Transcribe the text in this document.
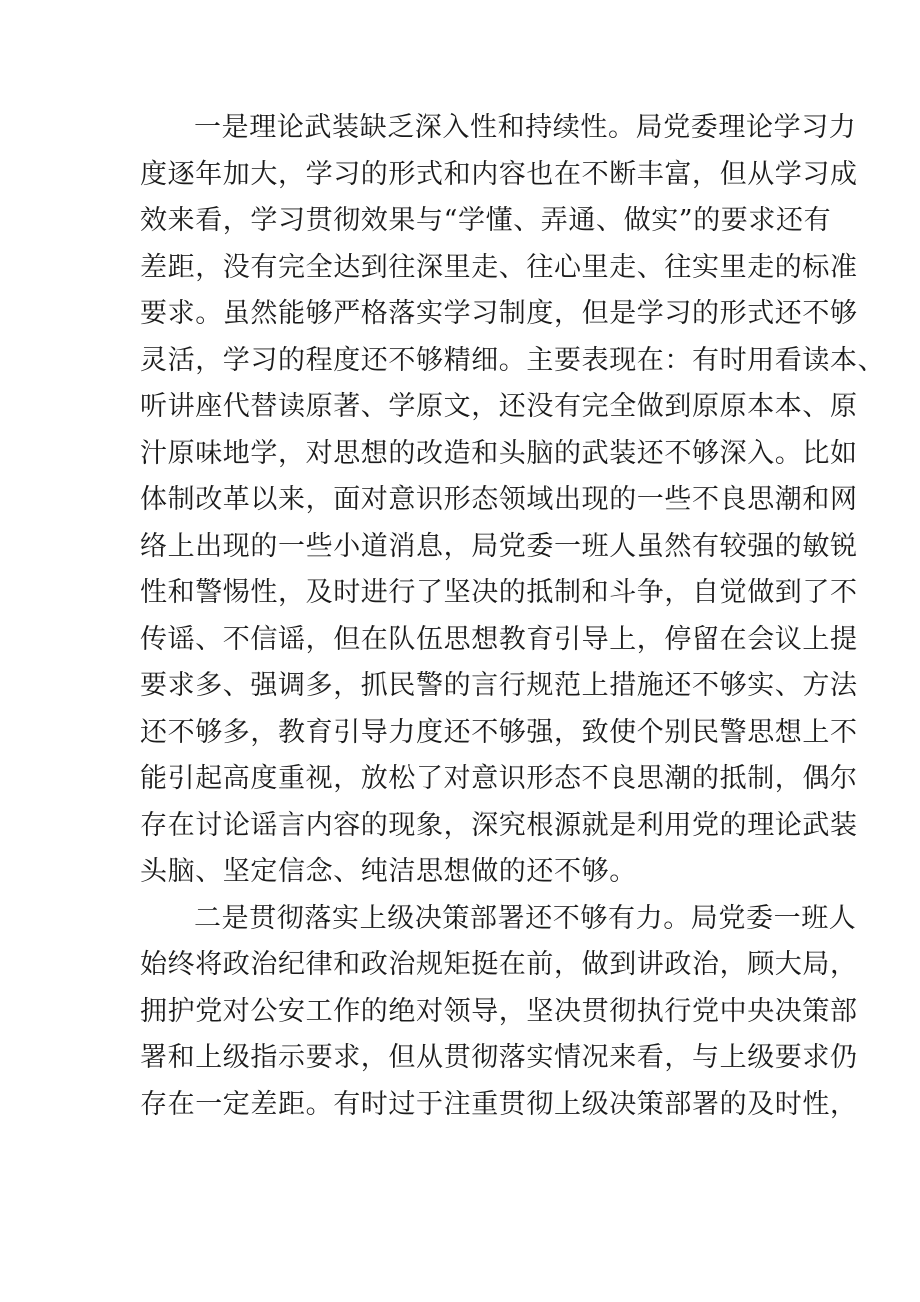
一是理论武装缺乏深入性和持续性。局党委理论学习力
度逐年加大，学习的形式和内容也在不断丰富，但从学习成
效来看，学习贯彻效果与“学懂、弄通、做实”的要求还有
差距，没有完全达到往深里走、往心里走、往实里走的标准
要求。虽然能够严格落实学习制度，但是学习的形式还不够
灵活，学习的程度还不够精细。主要表现在：有时用看读本、
听讲座代替读原著、学原文，还没有完全做到原原本本、原
汁原味地学，对思想的改造和头脑的武装还不够深入。比如
体制改革以来，面对意识形态领域出现的一些不良思潮和网
络上出现的一些小道消息，局党委一班人虽然有较强的敏锐
性和警惕性，及时进行了坚决的抵制和斗争，自觉做到了不
传谣、不信谣，但在队伍思想教育引导上，停留在会议上提
要求多、强调多，抓民警的言行规范上措施还不够实、方法
还不够多，教育引导力度还不够强，致使个别民警思想上不
能引起高度重视，放松了对意识形态不良思潮的抵制，偶尔
存在讨论谣言内容的现象，深究根源就是利用党的理论武装
头脑、坚定信念、纯洁思想做的还不够。
二是贯彻落实上级决策部署还不够有力。局党委一班人
始终将政治纪律和政治规矩挺在前，做到讲政治，顾大局，
拥护党对公安工作的绝对领导，坚决贯彻执行党中央决策部
署和上级指示要求，但从贯彻落实情况来看，与上级要求仍
存在一定差距。有时过于注重贯彻上级决策部署的及时性，
